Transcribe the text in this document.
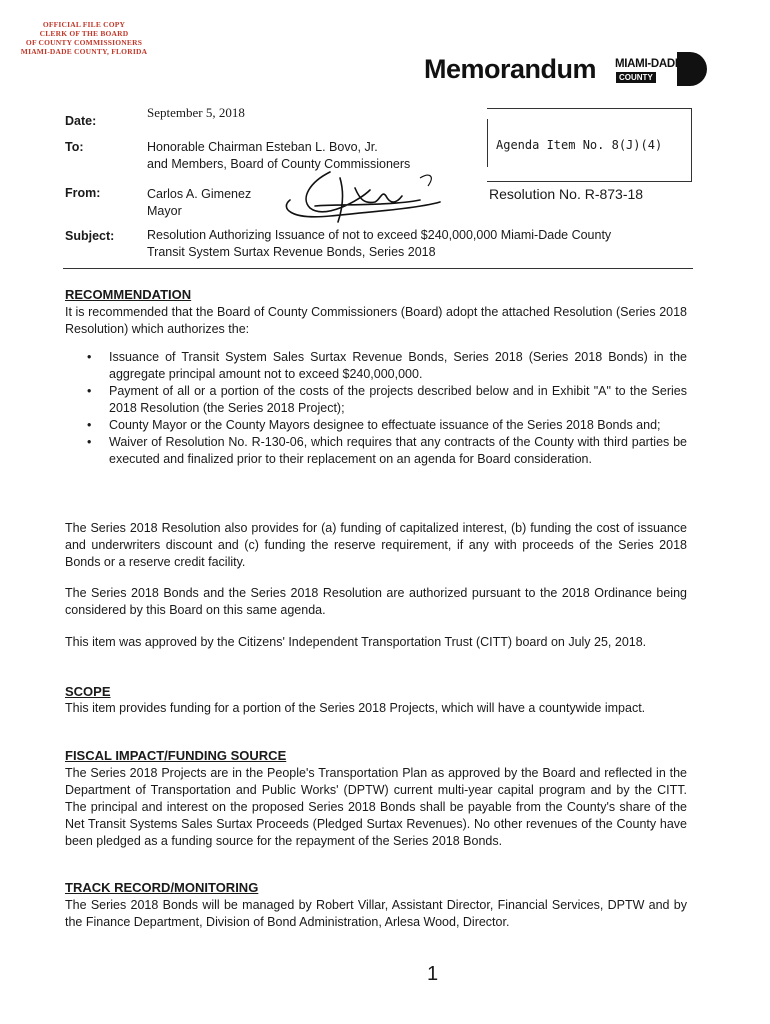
OFFICIAL FILE COPY
CLERK OF THE BOARD
OF COUNTY COMMISSIONERS
MIAMI-DADE COUNTY, FLORIDA
Memorandum MIAMI-DADE
COUNTY
Date:
September 5, 2018
To:	Honorable Chairman Esteban L. Bovo, Jr.
and Members, Board of County Commissioners
From:	Carlos A. Gimenez
Mayor
Subject:	Resolution Authorizing Issuance of not to exceed $240,000,000 Miami-Dade County
Transit System Surtax Revenue Bonds, Series 2018
Agenda Item No. 8(J)(4)
Resolution No. R-873-18
RECOMMENDATION
It is recommended that the Board of County Commissioners (Board) adopt the attached Resolution (Series 2018 Resolution) which authorizes the:
• Issuance of Transit System Sales Surtax Revenue Bonds, Series 2018 (Series 2018 Bonds) in the aggregate principal amount not to exceed $240,000,000.
• Payment of all or a portion of the costs of the projects described below and in Exhibit "A" to the Series 2018 Resolution (the Series 2018 Project);
• County Mayor or the County Mayors designee to effectuate issuance of the Series 2018 Bonds and;
• Waiver of Resolution No. R-130-06, which requires that any contracts of the County with third parties be executed and finalized prior to their replacement on an agenda for Board consideration.
The Series 2018 Resolution also provides for (a) funding of capitalized interest, (b) funding the cost of issuance and underwriters discount and (c) funding the reserve requirement, if any with proceeds of the Series 2018 Bonds or a reserve credit facility.
The Series 2018 Bonds and the Series 2018 Resolution are authorized pursuant to the 2018 Ordinance being considered by this Board on this same agenda.
This item was approved by the Citizens' Independent Transportation Trust (CITT) board on July 25, 2018.
SCOPE
This item provides funding for a portion of the Series 2018 Projects, which will have a countywide impact.
FISCAL IMPACT/FUNDING SOURCE
The Series 2018 Projects are in the People's Transportation Plan as approved by the Board and reflected in the Department of Transportation and Public Works' (DPTW) current multi-year capital program and by the CITT. The principal and interest on the proposed Series 2018 Bonds shall be payable from the County's share of the Net Transit Systems Sales Surtax Proceeds (Pledged Surtax Revenues). No other revenues of the County have been pledged as a funding source for the repayment of the Series 2018 Bonds.
TRACK RECORD/MONITORING
The Series 2018 Bonds will be managed by Robert Villar, Assistant Director, Financial Services, DPTW and by the Finance Department, Division of Bond Administration, Arlesa Wood, Director.
1
